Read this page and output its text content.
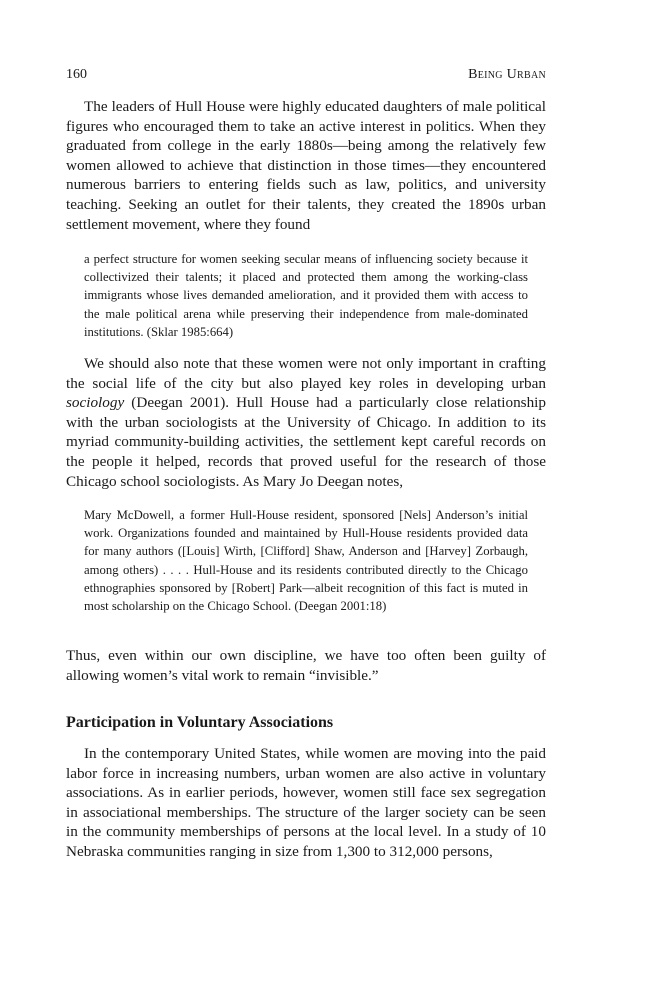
160	Being Urban

The leaders of Hull House were highly educated daughters of male political figures who encouraged them to take an active interest in politics. When they graduated from college in the early 1880s—being among the relatively few women allowed to achieve that distinction in those times—they encountered numerous barriers to entering fields such as law, politics, and university teaching. Seeking an outlet for their talents, they created the 1890s urban settlement movement, where they found

a perfect structure for women seeking secular means of influencing society because it collectivized their talents; it placed and protected them among the working-class immigrants whose lives demanded amelioration, and it provided them with access to the male political arena while preserving their independence from male-dominated institutions. (Sklar 1985:664)

We should also note that these women were not only important in crafting the social life of the city but also played key roles in developing urban sociology (Deegan 2001). Hull House had a particularly close relationship with the urban sociologists at the University of Chicago. In addition to its myriad community-building activities, the settlement kept careful records on the people it helped, records that proved useful for the research of those Chicago school sociologists. As Mary Jo Deegan notes,

Mary McDowell, a former Hull-House resident, sponsored [Nels] Anderson’s initial work. Organizations founded and maintained by Hull-House residents provided data for many authors ([Louis] Wirth, [Clifford] Shaw, Anderson and [Harvey] Zorbaugh, among others) . . . . Hull-House and its residents contributed directly to the Chicago ethnographies sponsored by [Robert] Park—albeit recognition of this fact is muted in most scholarship on the Chicago School. (Deegan 2001:18)

Thus, even within our own discipline, we have too often been guilty of allowing women’s vital work to remain “invisible.”

Participation in Voluntary Associations

In the contemporary United States, while women are moving into the paid labor force in increasing numbers, urban women are also active in voluntary associations. As in earlier periods, however, women still face sex segregation in associational memberships. The structure of the larger society can be seen in the community memberships of persons at the local level. In a study of 10 Nebraska communities ranging in size from 1,300 to 312,000 persons,
